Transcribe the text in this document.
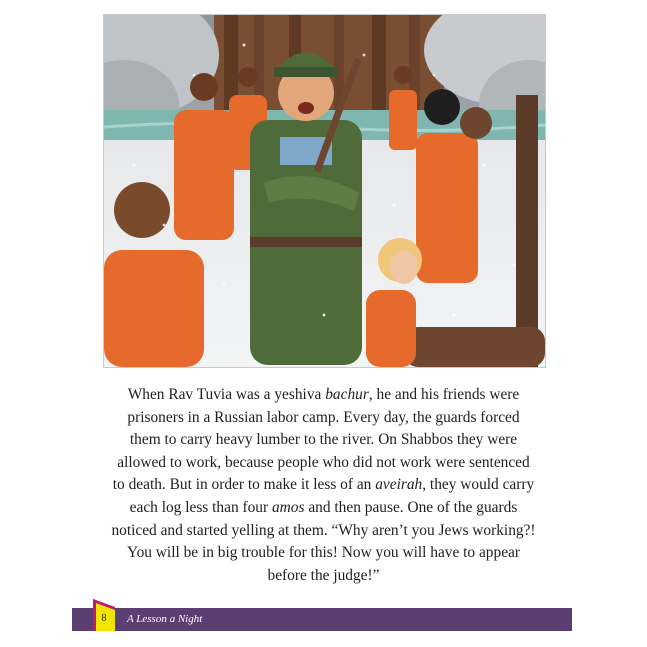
When Rav Tuvia was a yeshiva bachur, he and his friends were
prisoners in a Russian labor camp. Every day, the guards forced
them to carry heavy lumber to the river. On Shabbos they were
allowed to work, because people who did not work were sentenced
to death. But in order to make it less of an aveirah, they would carry
each log less than four amos and then pause. One of the guards
noticed and started yelling at them. “Why aren’t you Jews working?!
You will be in big trouble for this! Now you will have to appear
before the judge!”

8 A Lesson a Night
